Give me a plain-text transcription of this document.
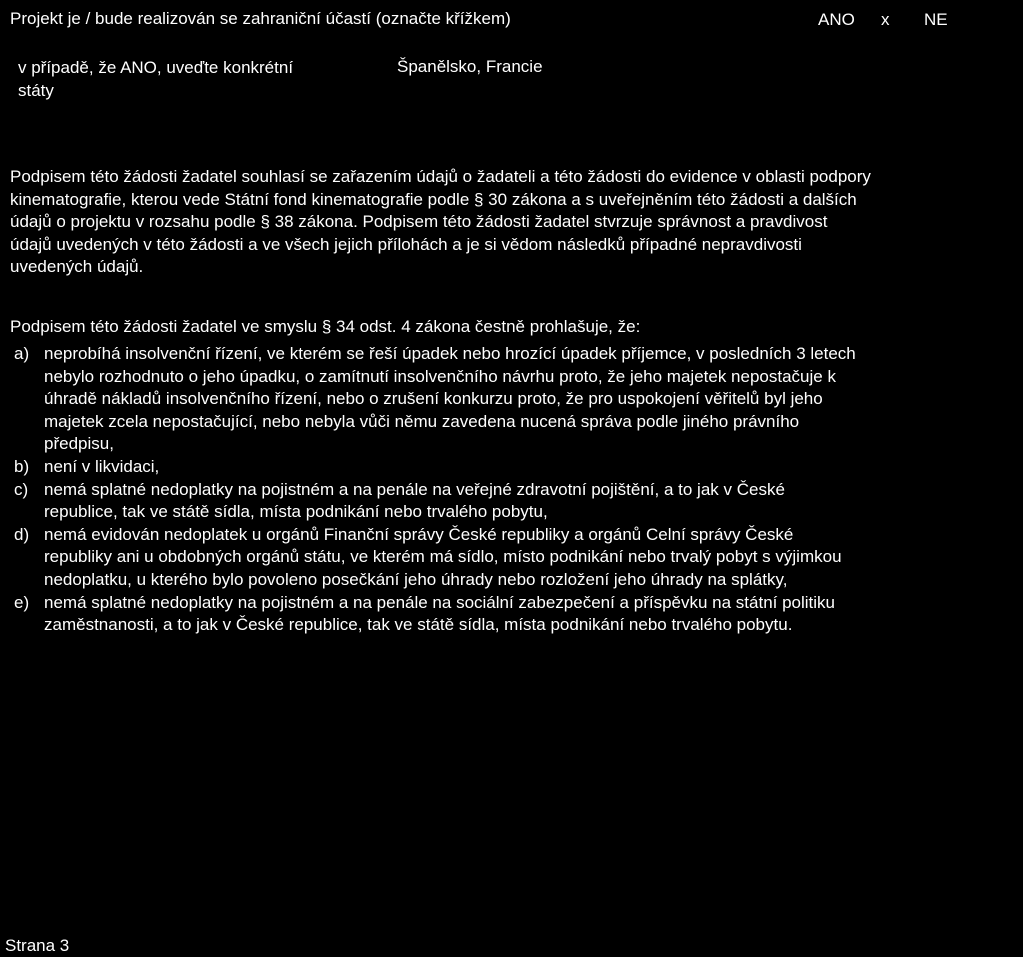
Projekt je / bude realizován se zahraniční účastí (označte křížkem)	ANO x NE
v případě, že ANO, uveďte konkrétní
státy
Španělsko, Francie

Podpisem této žádosti žadatel souhlasí se zařazením údajů o žadateli a této žádosti do evidence v oblasti podpory
kinematografie, kterou vede Státní fond kinematografie podle § 30 zákona a s uveřejněním této žádosti a dalších
údajů o projektu v rozsahu podle § 38 zákona. Podpisem této žádosti žadatel stvrzuje správnost a pravdivost
údajů uvedených v této žádosti a ve všech jejich přílohách a je si vědom následků případné nepravdivosti
uvedených údajů.

Podpisem této žádosti žadatel ve smyslu § 34 odst. 4 zákona čestně prohlašuje, že:

a) neprobíhá insolvenční řízení, ve kterém se řeší úpadek nebo hrozící úpadek příjemce, v posledních 3 letech
nebylo rozhodnuto o jeho úpadku, o zamítnutí insolvenčního návrhu proto, že jeho majetek nepostačuje k
úhradě nákladů insolvenčního řízení, nebo o zrušení konkurzu proto, že pro uspokojení věřitelů byl jeho
majetek zcela nepostačující, nebo nebyla vůči němu zavedena nucená správa podle jiného právního
předpisu,
b) není v likvidaci,
c) nemá splatné nedoplatky na pojistném a na penále na veřejné zdravotní pojištění, a to jak v České
republice, tak ve státě sídla, místa podnikání nebo trvalého pobytu,
d) nemá evidován nedoplatek u orgánů Finanční správy České republiky a orgánů Celní správy České
republiky ani u obdobných orgánů státu, ve kterém má sídlo, místo podnikání nebo trvalý pobyt s výjimkou
nedoplatku, u kterého bylo povoleno posečkání jeho úhrady nebo rozložení jeho úhrady na splátky,
e) nemá splatné nedoplatky na pojistném a na penále na sociální zabezpečení a příspěvku na státní politiku
zaměstnanosti, a to jak v České republice, tak ve státě sídla, místa podnikání nebo trvalého pobytu.
Strana 3
